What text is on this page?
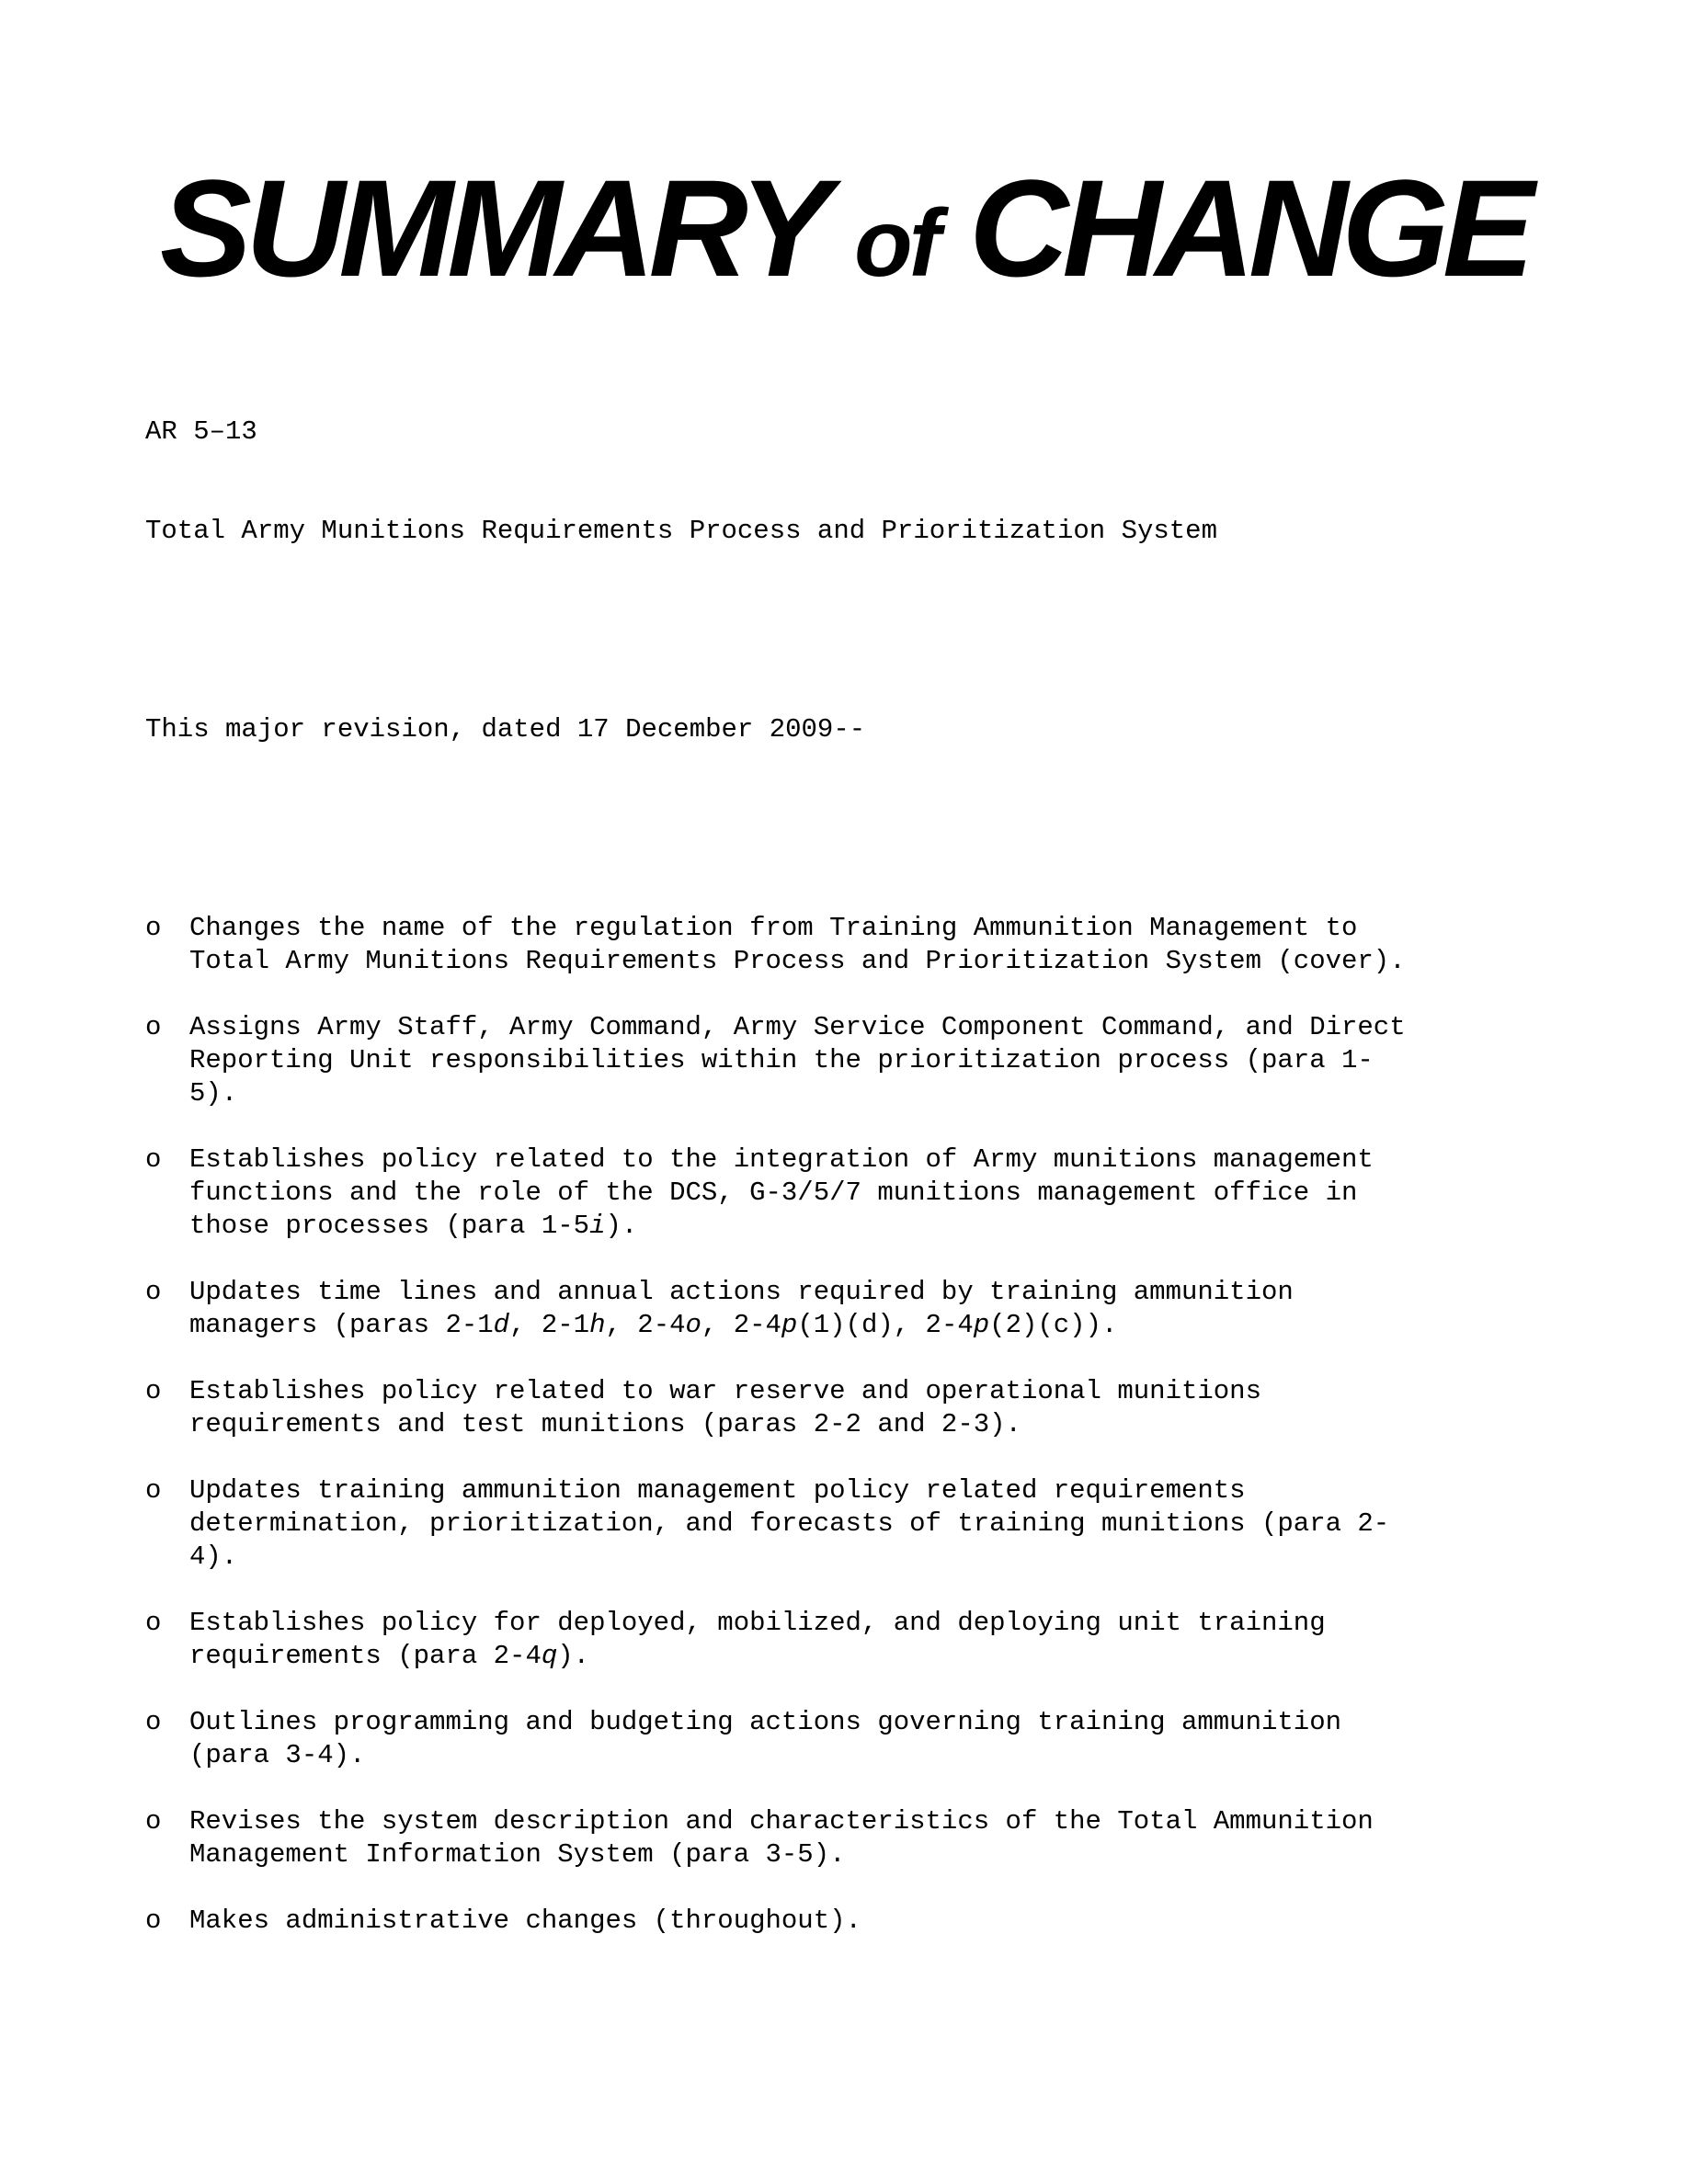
SUMMARY of CHANGE

AR 5–13

Total Army Munitions Requirements Process and Prioritization System

This major revision, dated 17 December 2009--

o	Changes the name of the regulation from Training Ammunition Management to
Total Army Munitions Requirements Process and Prioritization System (cover).
o	Assigns Army Staff, Army Command, Army Service Component Command, and Direct
Reporting Unit responsibilities within the prioritization process (para 1-
5).
o	Establishes policy related to the integration of Army munitions management
functions and the role of the DCS, G-3/5/7 munitions management office in
those processes (para 1-5i).
o	Updates time lines and annual actions required by training ammunition
managers (paras 2-1d, 2-1h, 2-4o, 2-4p(1)(d), 2-4p(2)(c)).
o	Establishes policy related to war reserve and operational munitions
requirements and test munitions (paras 2-2 and 2-3).
o	Updates training ammunition management policy related requirements
determination, prioritization, and forecasts of training munitions (para 2-
4).
o	Establishes policy for deployed, mobilized, and deploying unit training
requirements (para 2-4q).
o	Outlines programming and budgeting actions governing training ammunition
(para 3-4).
o	Revises the system description and characteristics of the Total Ammunition
Management Information System (para 3-5).
o	Makes administrative changes (throughout).
